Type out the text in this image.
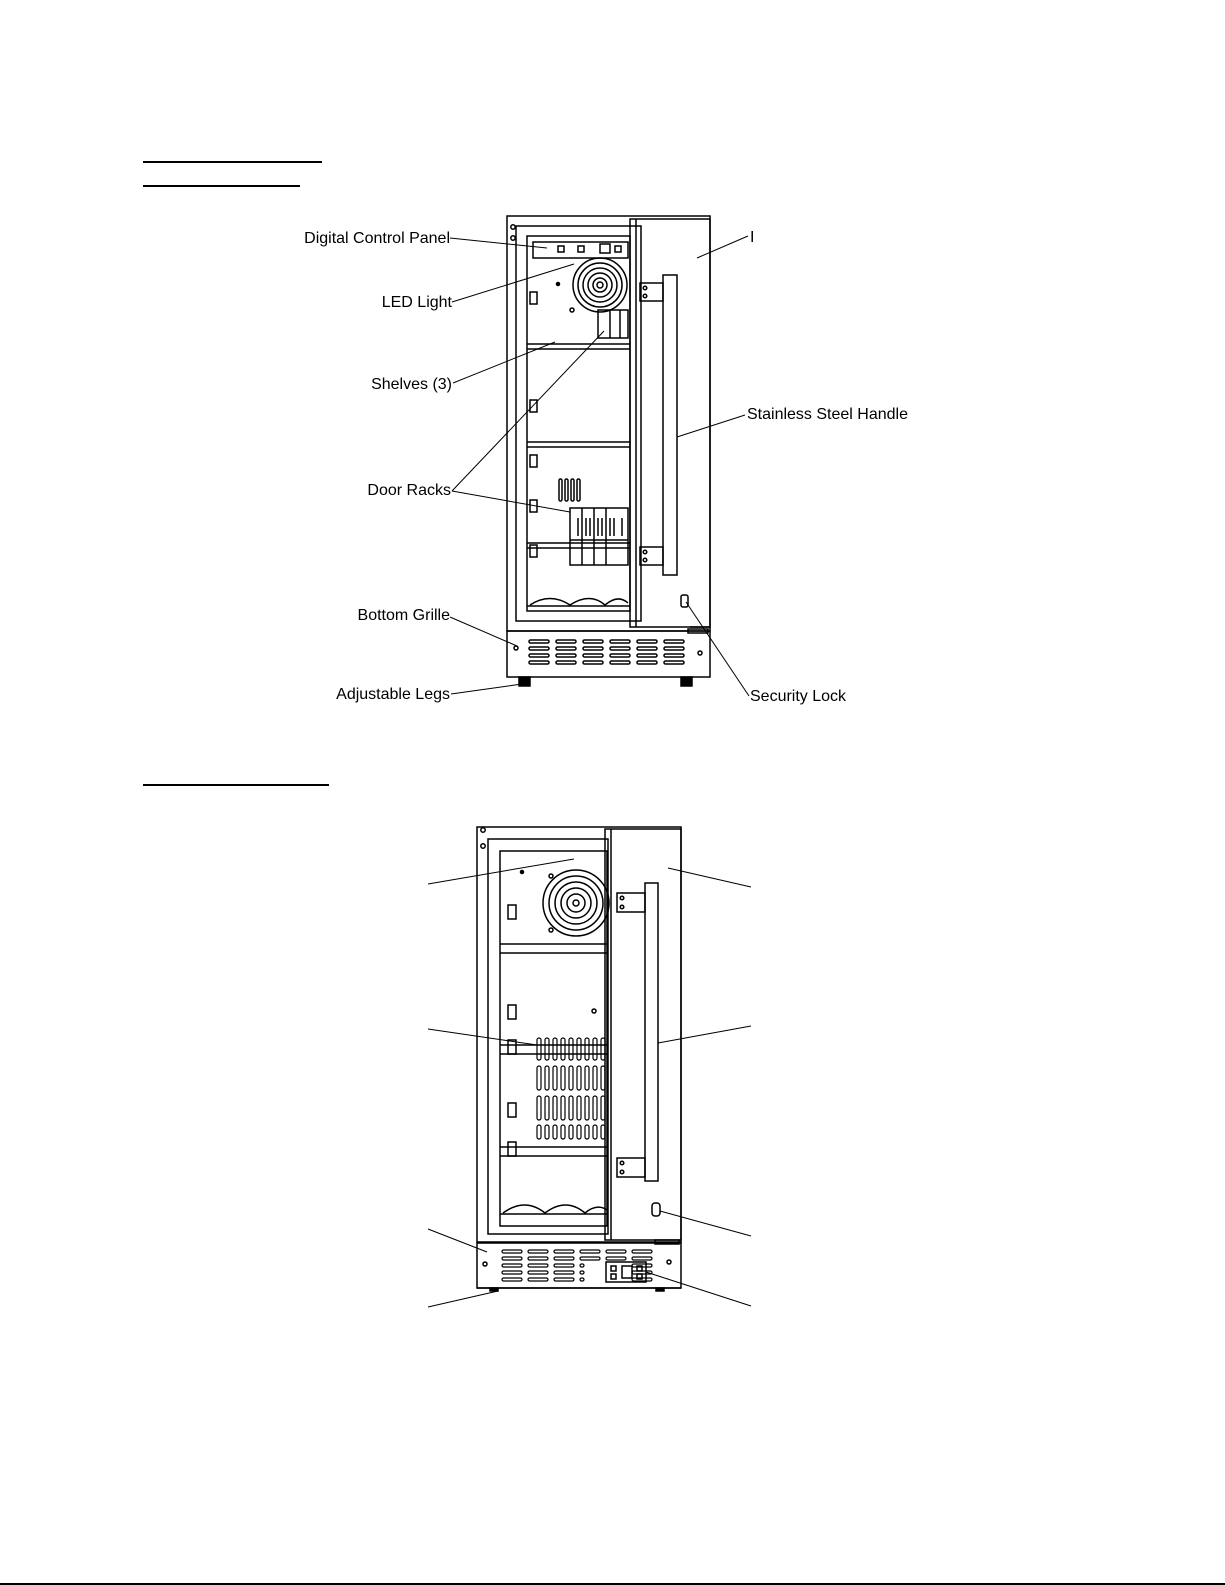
Digital Control Panel
LED Light
Shelves (3)
Door Racks
Bottom Grille
Adjustable Legs
I
Stainless Steel Handle
Security Lock
